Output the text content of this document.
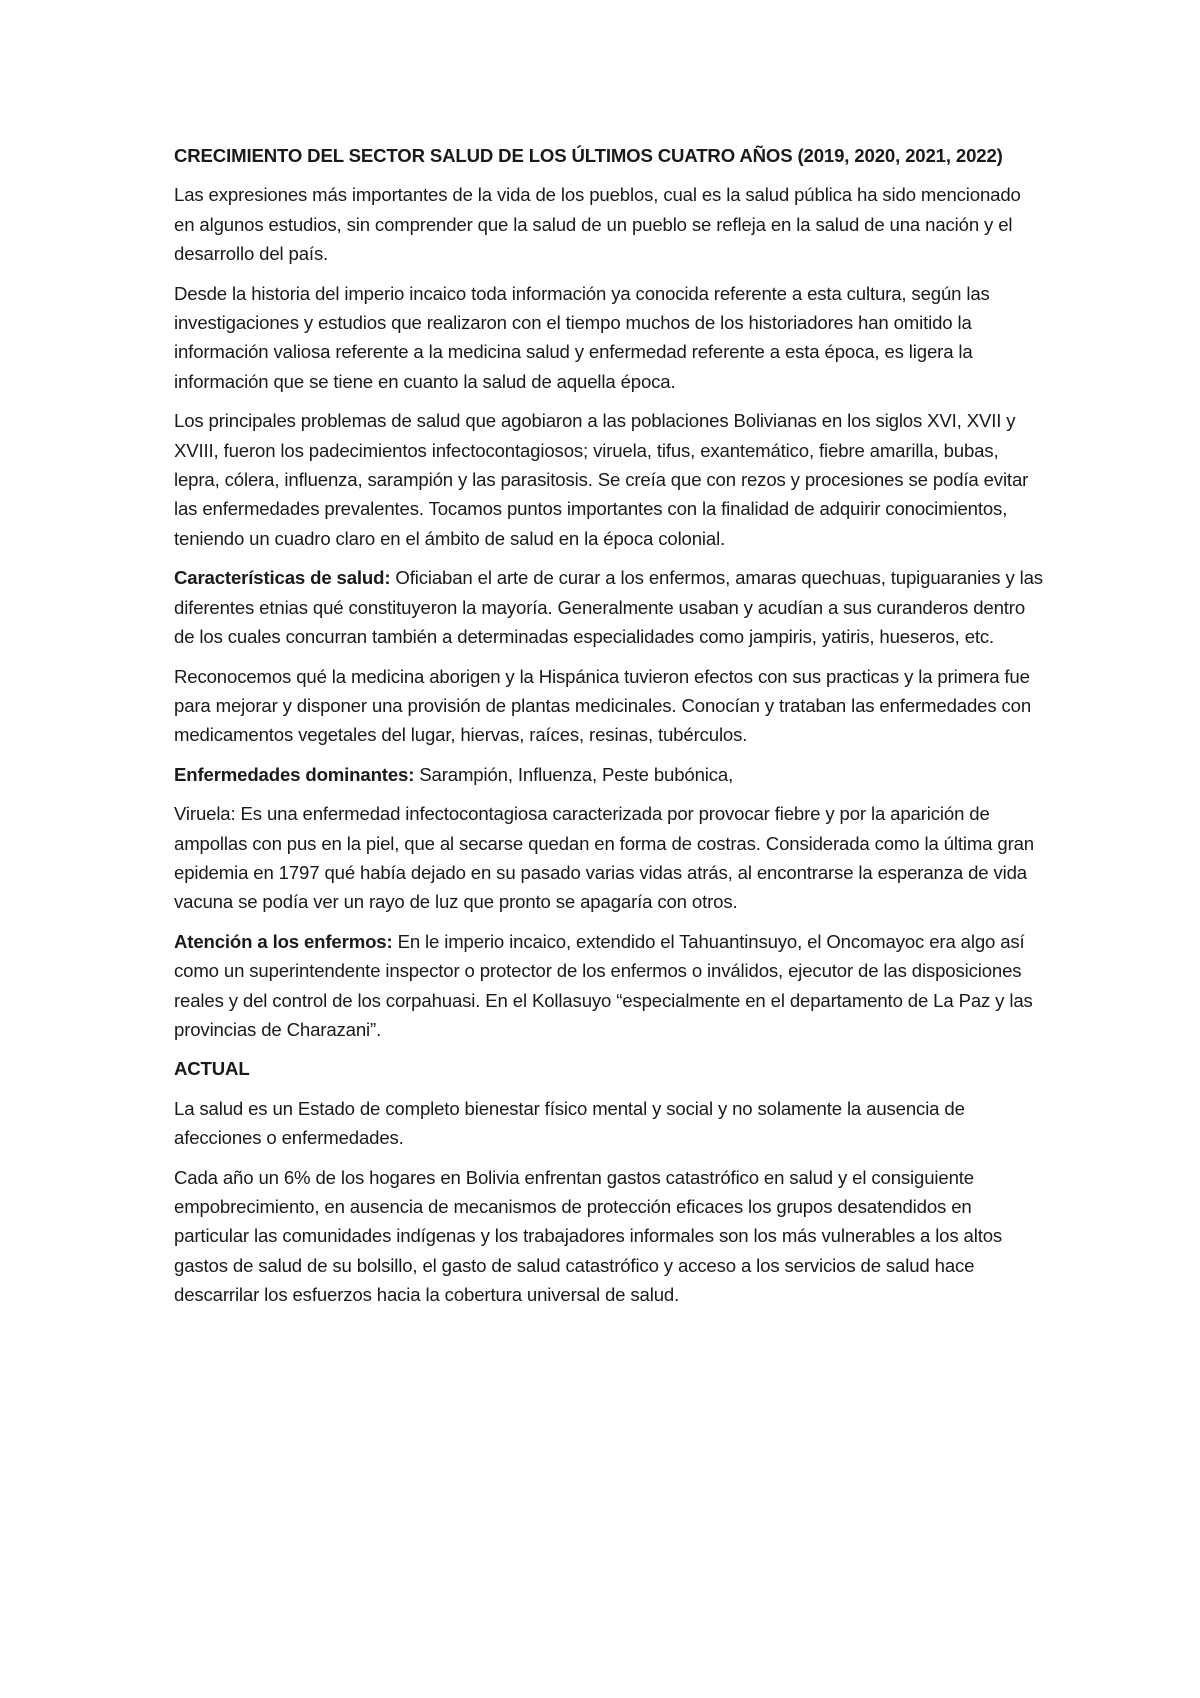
CRECIMIENTO DEL SECTOR SALUD DE LOS ÚLTIMOS CUATRO AÑOS (2019, 2020, 2021, 2022)

Las expresiones más importantes de la vida de los pueblos, cual es la salud pública ha sido mencionado en algunos estudios, sin comprender que la salud de un pueblo se refleja en la salud de una nación y el desarrollo del país.

Desde la historia del imperio incaico toda información ya conocida referente a esta cultura, según las investigaciones y estudios que realizaron con el tiempo muchos de los historiadores han omitido la información valiosa referente a la medicina salud y enfermedad referente a esta época, es ligera la información que se tiene en cuanto la salud de aquella época.

Los principales problemas de salud que agobiaron a las poblaciones Bolivianas en los siglos XVI, XVII y XVIII, fueron los padecimientos infectocontagiosos; viruela, tifus, exantemático, fiebre amarilla, bubas, lepra, cólera, influenza, sarampión y las parasitosis. Se creía que con rezos y procesiones se podía evitar las enfermedades prevalentes. Tocamos puntos importantes con la finalidad de adquirir conocimientos, teniendo un cuadro claro en el ámbito de salud en la época colonial.

Características de salud: Oficiaban el arte de curar a los enfermos, amaras quechuas, tupiguaranies y las diferentes etnias qué constituyeron la mayoría. Generalmente usaban y acudían a sus curanderos dentro de los cuales concurran también a determinadas especialidades como jampiris, yatiris, hueseros, etc.

Reconocemos qué la medicina aborigen y la Hispánica tuvieron efectos con sus practicas y la primera fue para mejorar y disponer una provisión de plantas medicinales. Conocían y trataban las enfermedades con medicamentos vegetales del lugar, hiervas, raíces, resinas, tubérculos.

Enfermedades dominantes: Sarampión, Influenza, Peste bubónica,

Viruela: Es una enfermedad infectocontagiosa caracterizada por provocar fiebre y por la aparición de ampollas con pus en la piel, que al secarse quedan en forma de costras. Considerada como la última gran epidemia en 1797 qué había dejado en su pasado varias vidas atrás, al encontrarse la esperanza de vida vacuna se podía ver un rayo de luz que pronto se apagaría con otros.

Atención a los enfermos: En le imperio incaico, extendido el Tahuantinsuyo, el Oncomayoc era algo así como un superintendente inspector o protector de los enfermos o inválidos, ejecutor de las disposiciones reales y del control de los corpahuasi. En el Kollasuyo “especialmente en el departamento de La Paz y las provincias de Charazani”.

ACTUAL

La salud es un Estado de completo bienestar físico mental y social y no solamente la ausencia de afecciones o enfermedades.

Cada año un 6% de los hogares en Bolivia enfrentan gastos catastrófico en salud y el consiguiente empobrecimiento, en ausencia de mecanismos de protección eficaces los grupos desatendidos en particular las comunidades indígenas y los trabajadores informales son los más vulnerables a los altos gastos de salud de su bolsillo, el gasto de salud catastrófico y acceso a los servicios de salud hace descarrilar los esfuerzos hacia la cobertura universal de salud.
